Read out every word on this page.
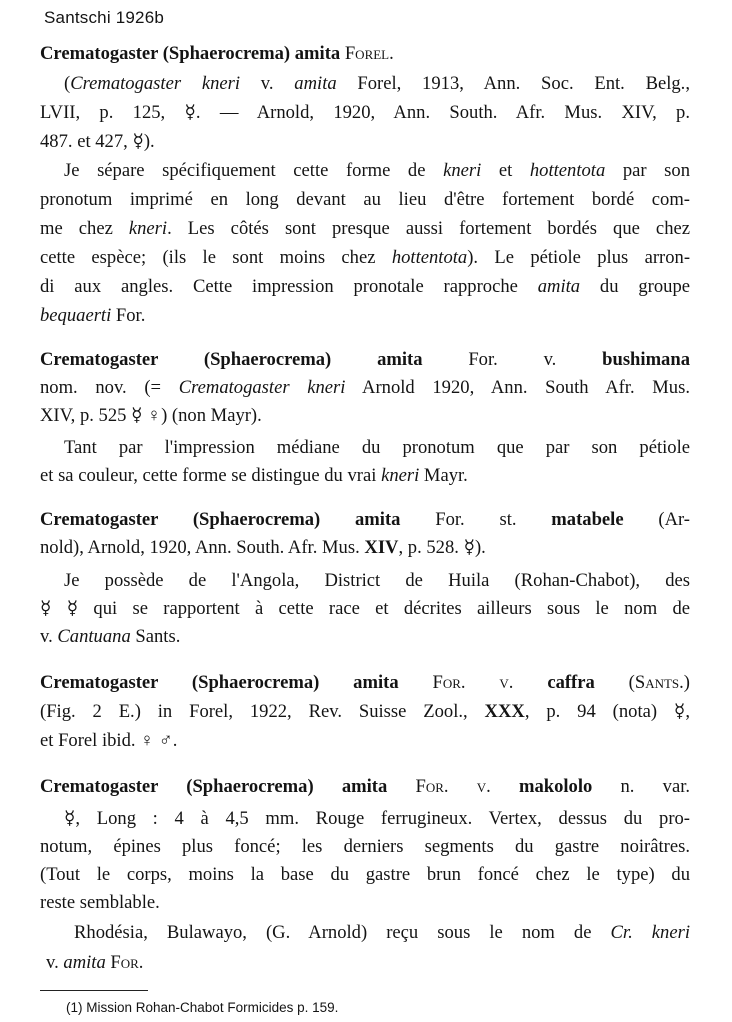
Santschi 1926b
Crematogaster (Sphaerocrema) amita Forel.
(Crematogaster kneri v. amita Forel, 1913, Ann. Soc. Ent. Belg.,
LVII, p. 125, ☿. — Arnold, 1920, Ann. South. Afr. Mus. XIV, p.
487. et 427, ☿).
Je sépare spécifiquement cette forme de kneri et hottentota par son
pronotum imprimé en long devant au lieu d'être fortement bordé com-
me chez kneri. Les côtés sont presque aussi fortement bordés que chez
cette espèce; (ils le sont moins chez hottentota). Le pétiole plus arron-
di aux angles. Cette impression pronotale rapproche amita du groupe
bequaerti For.
Crematogaster (Sphaerocrema) amita For. v. bushimana
nom. nov. (= Crematogaster kneri Arnold 1920, Ann. South Afr. Mus.
XIV, p. 525 ☿ ♀) (non Mayr).
Tant par l'impression médiane du pronotum que par son pétiole
et sa couleur, cette forme se distingue du vrai kneri Mayr.
Crematogaster (Sphaerocrema) amita For. st. matabele (Ar-
nold), Arnold, 1920, Ann. South. Afr. Mus. XIV, p. 528. ☿).
Je possède de l'Angola, District de Huila (Rohan-Chabot), des
☿ ☿ qui se rapportent à cette race et décrites ailleurs sous le nom de
v. Cantuana Sants.
Crematogaster (Sphaerocrema) amita For. v. caffra (Sants.)
(Fig. 2 E.) in Forel, 1922, Rev. Suisse Zool., XXX, p. 94 (nota) ☿,
et Forel ibid. ♀ ♂.
Crematogaster (Sphaerocrema) amita For. v. makololo n. var.
☿, Long : 4 à 4,5 mm. Rouge ferrugineux. Vertex, dessus du pro-
notum, épines plus foncé; les derniers segments du gastre noirâtres.
(Tout le corps, moins la base du gastre brun foncé chez le type) du
reste semblable.
Rhodésia, Bulawayo, (G. Arnold) reçu sous le nom de Cr. kneri
v. amita For.
(1) Mission Rohan-Chabot Formicides p. 159.
